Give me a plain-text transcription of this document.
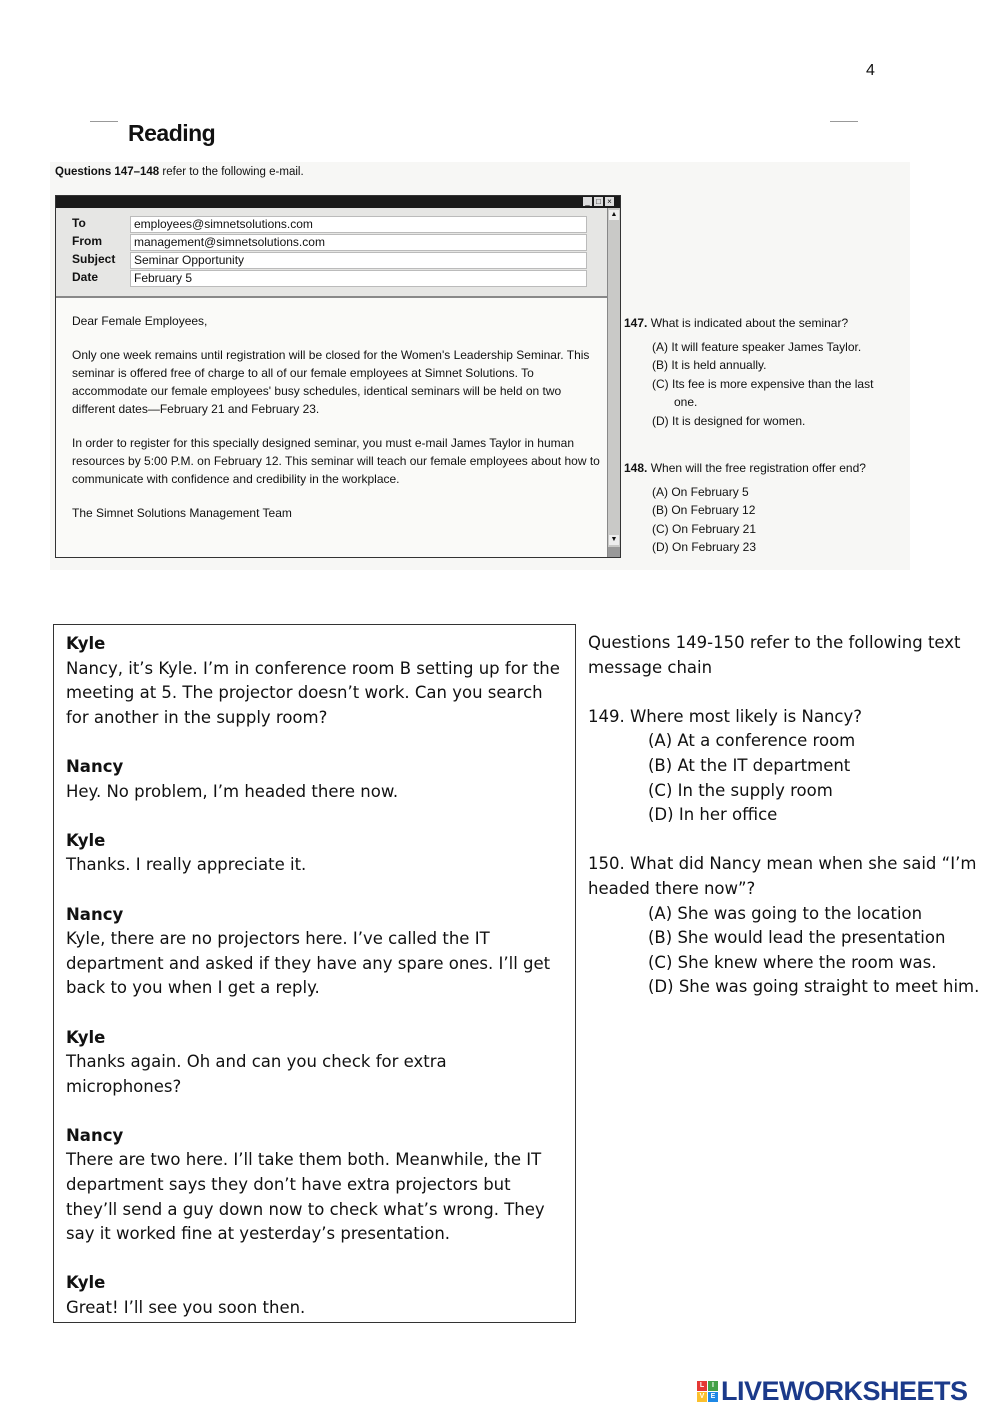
4
Reading
Questions 147–148 refer to the following e-mail.
_ □ ×
To	employees@simnetsolutions.com
From	management@simnetsolutions.com
Subject	Seminar Opportunity
Date	February 5
▲
▼

Dear Female Employees,

Only one week remains until registration will be closed for the Women's Leadership Seminar. This seminar is offered free of charge to all of our female employees at Simnet Solutions. To accommodate our female employees' busy schedules, identical seminars will be held on two different dates—February 21 and February 23.

In order to register for this specially designed seminar, you must e-mail James Taylor in human resources by 5:00 P.M. on February 12. This seminar will teach our female employees about how to communicate with confidence and credibility in the workplace.

The Simnet Solutions Management Team

147. What is indicated about the seminar?
(A) It will feature speaker James Taylor.
(B) It is held annually.
(C) Its fee is more expensive than the last
one.
(D) It is designed for women.
148. When will the free registration offer end?
(A) On February 5
(B) On February 12
(C) On February 21
(D) On February 23
Kyle
Nancy, it’s Kyle. I’m in conference room B setting up for the meeting at 5. The projector doesn’t work. Can you search for another in the supply room?
Nancy
Hey. No problem, I’m headed there now.
Kyle
Thanks. I really appreciate it.
Nancy
Kyle, there are no projectors here. I’ve called the IT department and asked if they have any spare ones. I’ll get back to you when I get a reply.
Kyle
Thanks again. Oh and can you check for extra microphones?
Nancy
There are two here. I’ll take them both. Meanwhile, the IT department says they don’t have extra projectors but they’ll send a guy down now to check what’s wrong. They say it worked fine at yesterday’s presentation.
Kyle
Great! I’ll see you soon then.

Questions 149-150 refer to the following text message chain

149. Where most likely is Nancy?

(A) At a conference room

(B) At the IT department

(C) In the supply room

(D) In her office

150. What did Nancy mean when she said “I’m headed there now”?

(A) She was going to the location

(B) She would lead the presentation

(C) She knew where the room was.

(D) She was going straight to meet him.

L	I
V E LIVEWORKSHEETS
